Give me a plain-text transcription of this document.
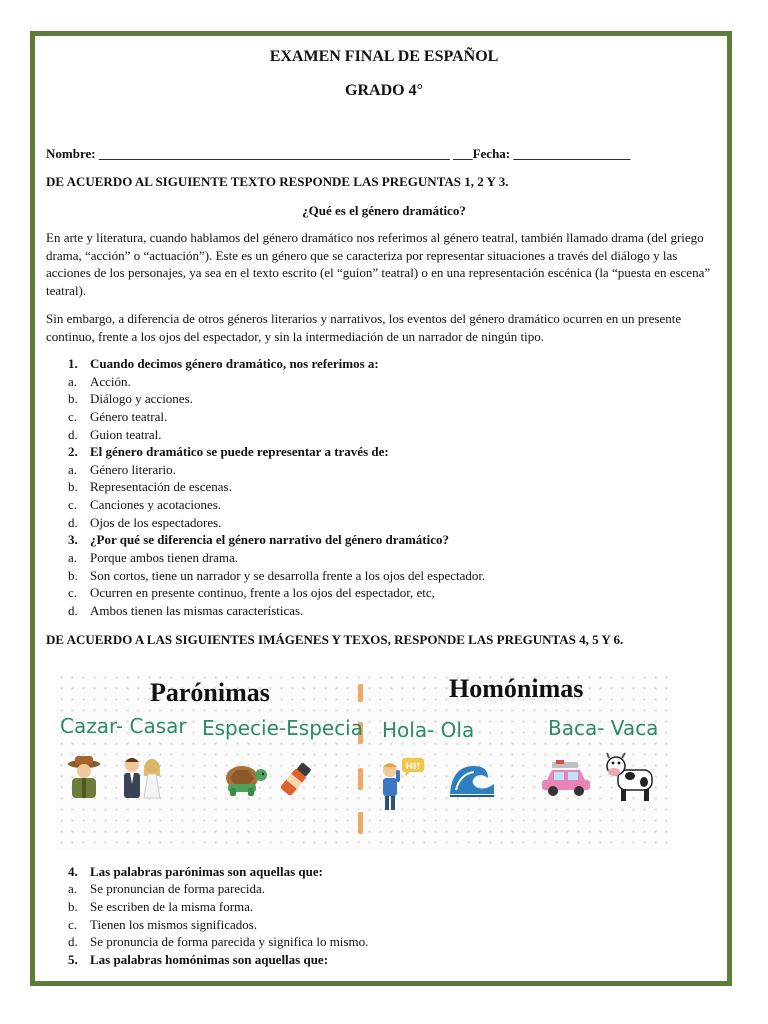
EXAMEN FINAL DE ESPAÑOL
GRADO 4°
Nombre: ______________________________________________________ ___Fecha: __________________
DE ACUERDO AL SIGUIENTE TEXTO RESPONDE LAS PREGUNTAS 1, 2 Y 3.
¿Qué es el género dramático?
En arte y literatura, cuando hablamos del género dramático nos referimos al género teatral, también llamado drama (del griego drama, “acción” o “actuación”). Este es un género que se caracteriza por representar situaciones a través del diálogo y las acciones de los personajes, ya sea en el texto escrito (el “guion” teatral) o en una representación escénica (la “puesta en escena” teatral).
Sin embargo, a diferencia de otros géneros literarios y narrativos, los eventos del género dramático ocurren en un presente continuo, frente a los ojos del espectador, y sin la intermediación de un narrador de ningún tipo.
1. Cuando decimos género dramático, nos referimos a:
a. Acción.
b. Diálogo y acciones.
c. Género teatral.
d. Guion teatral.
2. El género dramático se puede representar a través de:
a. Género literario.
b. Representación de escenas.
c. Canciones y acotaciones.
d. Ojos de los espectadores.
3. ¿Por qué se diferencia el género narrativo del género dramático?
a. Porque ambos tienen drama.
b. Son cortos, tiene un narrador y se desarrolla frente a los ojos del espectador.
c. Ocurren en presente continuo, frente a los ojos del espectador, etc,
d. Ambos tienen las mismas características.
DE ACUERDO A LAS SIGUIENTES IMÁGENES Y TEXOS, RESPONDE LAS PREGUNTAS 4, 5 Y 6.
Parónimas	Homónimas
Cazar- Casar Especie-Especia Hola- Ola	Baca- Vaca
HI!
4. Las palabras parónimas son aquellas que:
a. Se pronuncian de forma parecida.
b. Se escriben de la misma forma.
c. Tienen los mismos significados.
d. Se pronuncia de forma parecida y significa lo mismo.
5. Las palabras homónimas son aquellas que:
